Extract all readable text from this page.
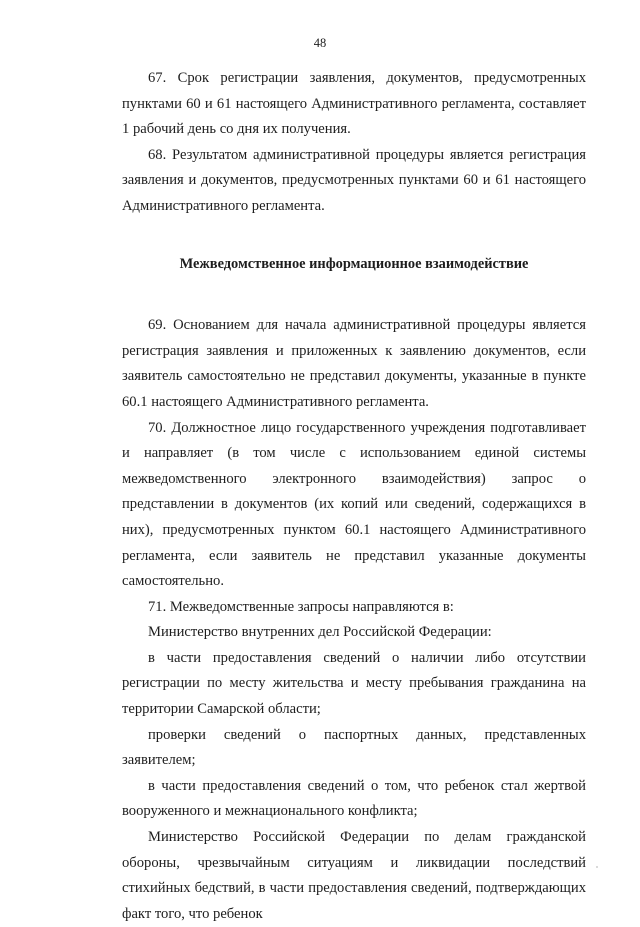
48

67. Срок регистрации заявления, документов, предусмотренных пунктами 60 и 61 настоящего Административного регламента, составляет 1 рабочий день со дня их получения.

68. Результатом административной процедуры является регистрация заявления и документов, предусмотренных пунктами 60 и 61 настоящего Административного регламента.

Межведомственное информационное взаимодействие

69. Основанием для начала административной процедуры является регистрация заявления и приложенных к заявлению документов, если заявитель самостоятельно не представил документы, указанные в пункте 60.1 настоящего Административного регламента.

70. Должностное лицо государственного учреждения подготавливает и направляет (в том числе с использованием единой системы межведомственного электронного взаимодействия) запрос о представлении в документов (их копий или сведений, содержащихся в них), предусмотренных пунктом 60.1 настоящего Административного регламента, если заявитель не представил указанные документы самостоятельно.

71. Межведомственные запросы направляются в:

Министерство внутренних дел Российской Федерации:

в части предоставления сведений о наличии либо отсутствии регистрации по месту жительства и месту пребывания гражданина на территории Самарской области;

проверки сведений о паспортных данных, представленных заявителем;

в части предоставления сведений о том, что ребенок стал жертвой вооруженного и межнационального конфликта;

Министерство Российской Федерации по делам гражданской обороны, чрезвычайным ситуациям и ликвидации последствий стихийных бедствий, в части предоставления сведений, подтверждающих факт того, что ребенок
